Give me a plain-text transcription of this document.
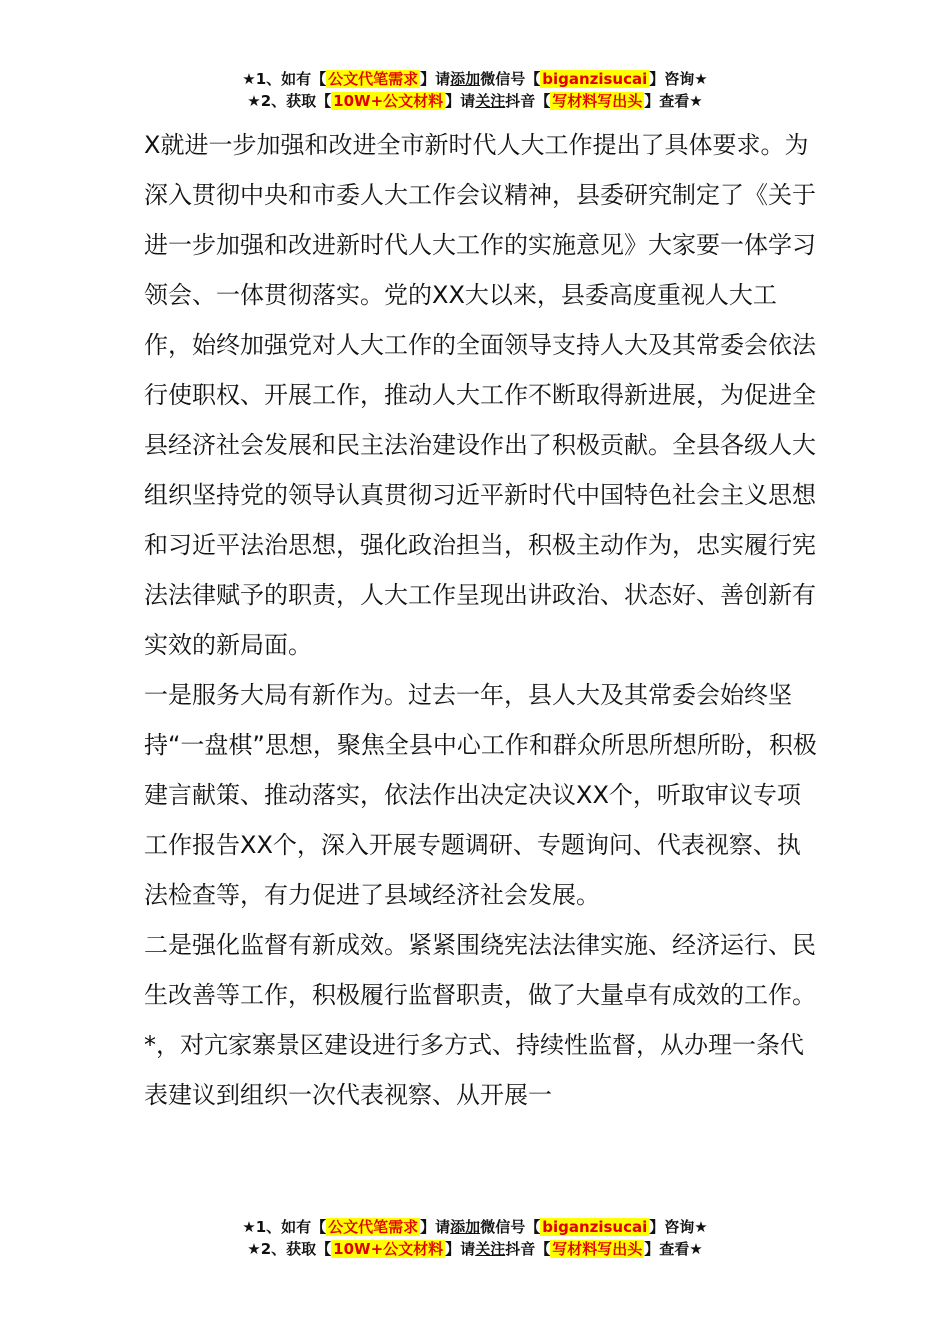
★1、如有【 公文代笔需求 】请添加微信号【 biganzisucai 】咨询★
★2、获取【 10W+公文材料 】请关注抖音【 写材料写出头 】查看★

X就进一步加强和改进全市新时代人大工作提出了具体要求。为深入贯彻中央和市委人大工作会议精神，县委研究制定了《关于进一步加强和改进新时代人大工作的实施意见》大家要一体学习领会、一体贯彻落实。党的XX大以来，县委高度重视人大工作，始终加强党对人大工作的全面领导支持人大及其常委会依法行使职权、开展工作，推动人大工作不断取得新进展，为促进全县经济社会发展和民主法治建设作出了积极贡献。全县各级人大组织坚持党的领导认真贯彻习近平新时代中国特色社会主义思想和习近平法治思想，强化政治担当，积极主动作为，忠实履行宪法法律赋予的职责，人大工作呈现出讲政治、状态好、善创新有实效的新局面。

一是服务大局有新作为。过去一年，县人大及其常委会始终坚持“一盘棋”思想，聚焦全县中心工作和群众所思所想所盼，积极建言献策、推动落实，依法作出决定决议XX个，听取审议专项工作报告XX个，深入开展专题调研、专题询问、代表视察、执法检查等，有力促进了县域经济社会发展。

二是强化监督有新成效。紧紧围绕宪法法律实施、经济运行、民生改善等工作，积极履行监督职责，做了大量卓有成效的工作。*，对亢家寨景区建设进行多方式、持续性监督，从办理一条代表建议到组织一次代表视察、从开展一

★1、如有【 公文代笔需求 】请添加微信号【 biganzisucai 】咨询★
★2、获取【 10W+公文材料 】请关注抖音【 写材料写出头 】查看★
